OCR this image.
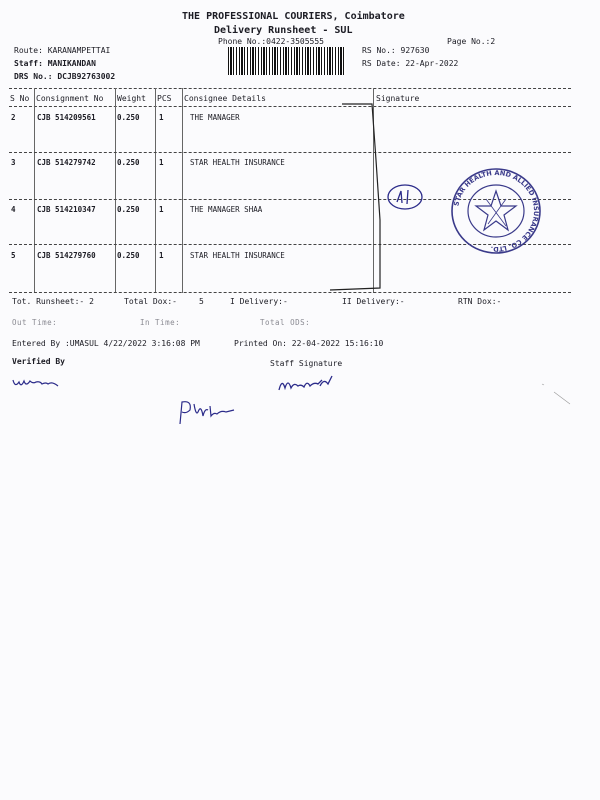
THE PROFESSIONAL COURIERS, Coimbatore
Delivery Runsheet - SUL
Phone No.:0422-3505555	Page No.:2
Route: KARANAMPETTAI
Staff: MANIKANDAN
DRS No.: DCJB92763002
RS No.: 927630
RS Date: 22-Apr-2022
S No Consignment No Weight PCS Consignee Details	Signature
2	CJB 514209561	0.250	1	THE MANAGER
3	CJB 514279742	0.250	1	STAR HEALTH INSURANCE
4	CJB 514210347	0.250	1	THE MANAGER SHAA
5	CJB 514279760	0.250	1	STAR HEALTH INSURANCE
Tot. Runsheet:- 2	Total Dox:-	5	I Delivery:-	II Delivery:-	RTN Dox:-
Out Time:	In Time:	Total ODS:
Entered By :UMASUL 4/22/2022 3:16:08 PM	Printed On: 22-04-2022 15:16:10
Verified By	Staff Signature
STAR HEALTH AND ALLIED INSURANCE CO. LTD.
